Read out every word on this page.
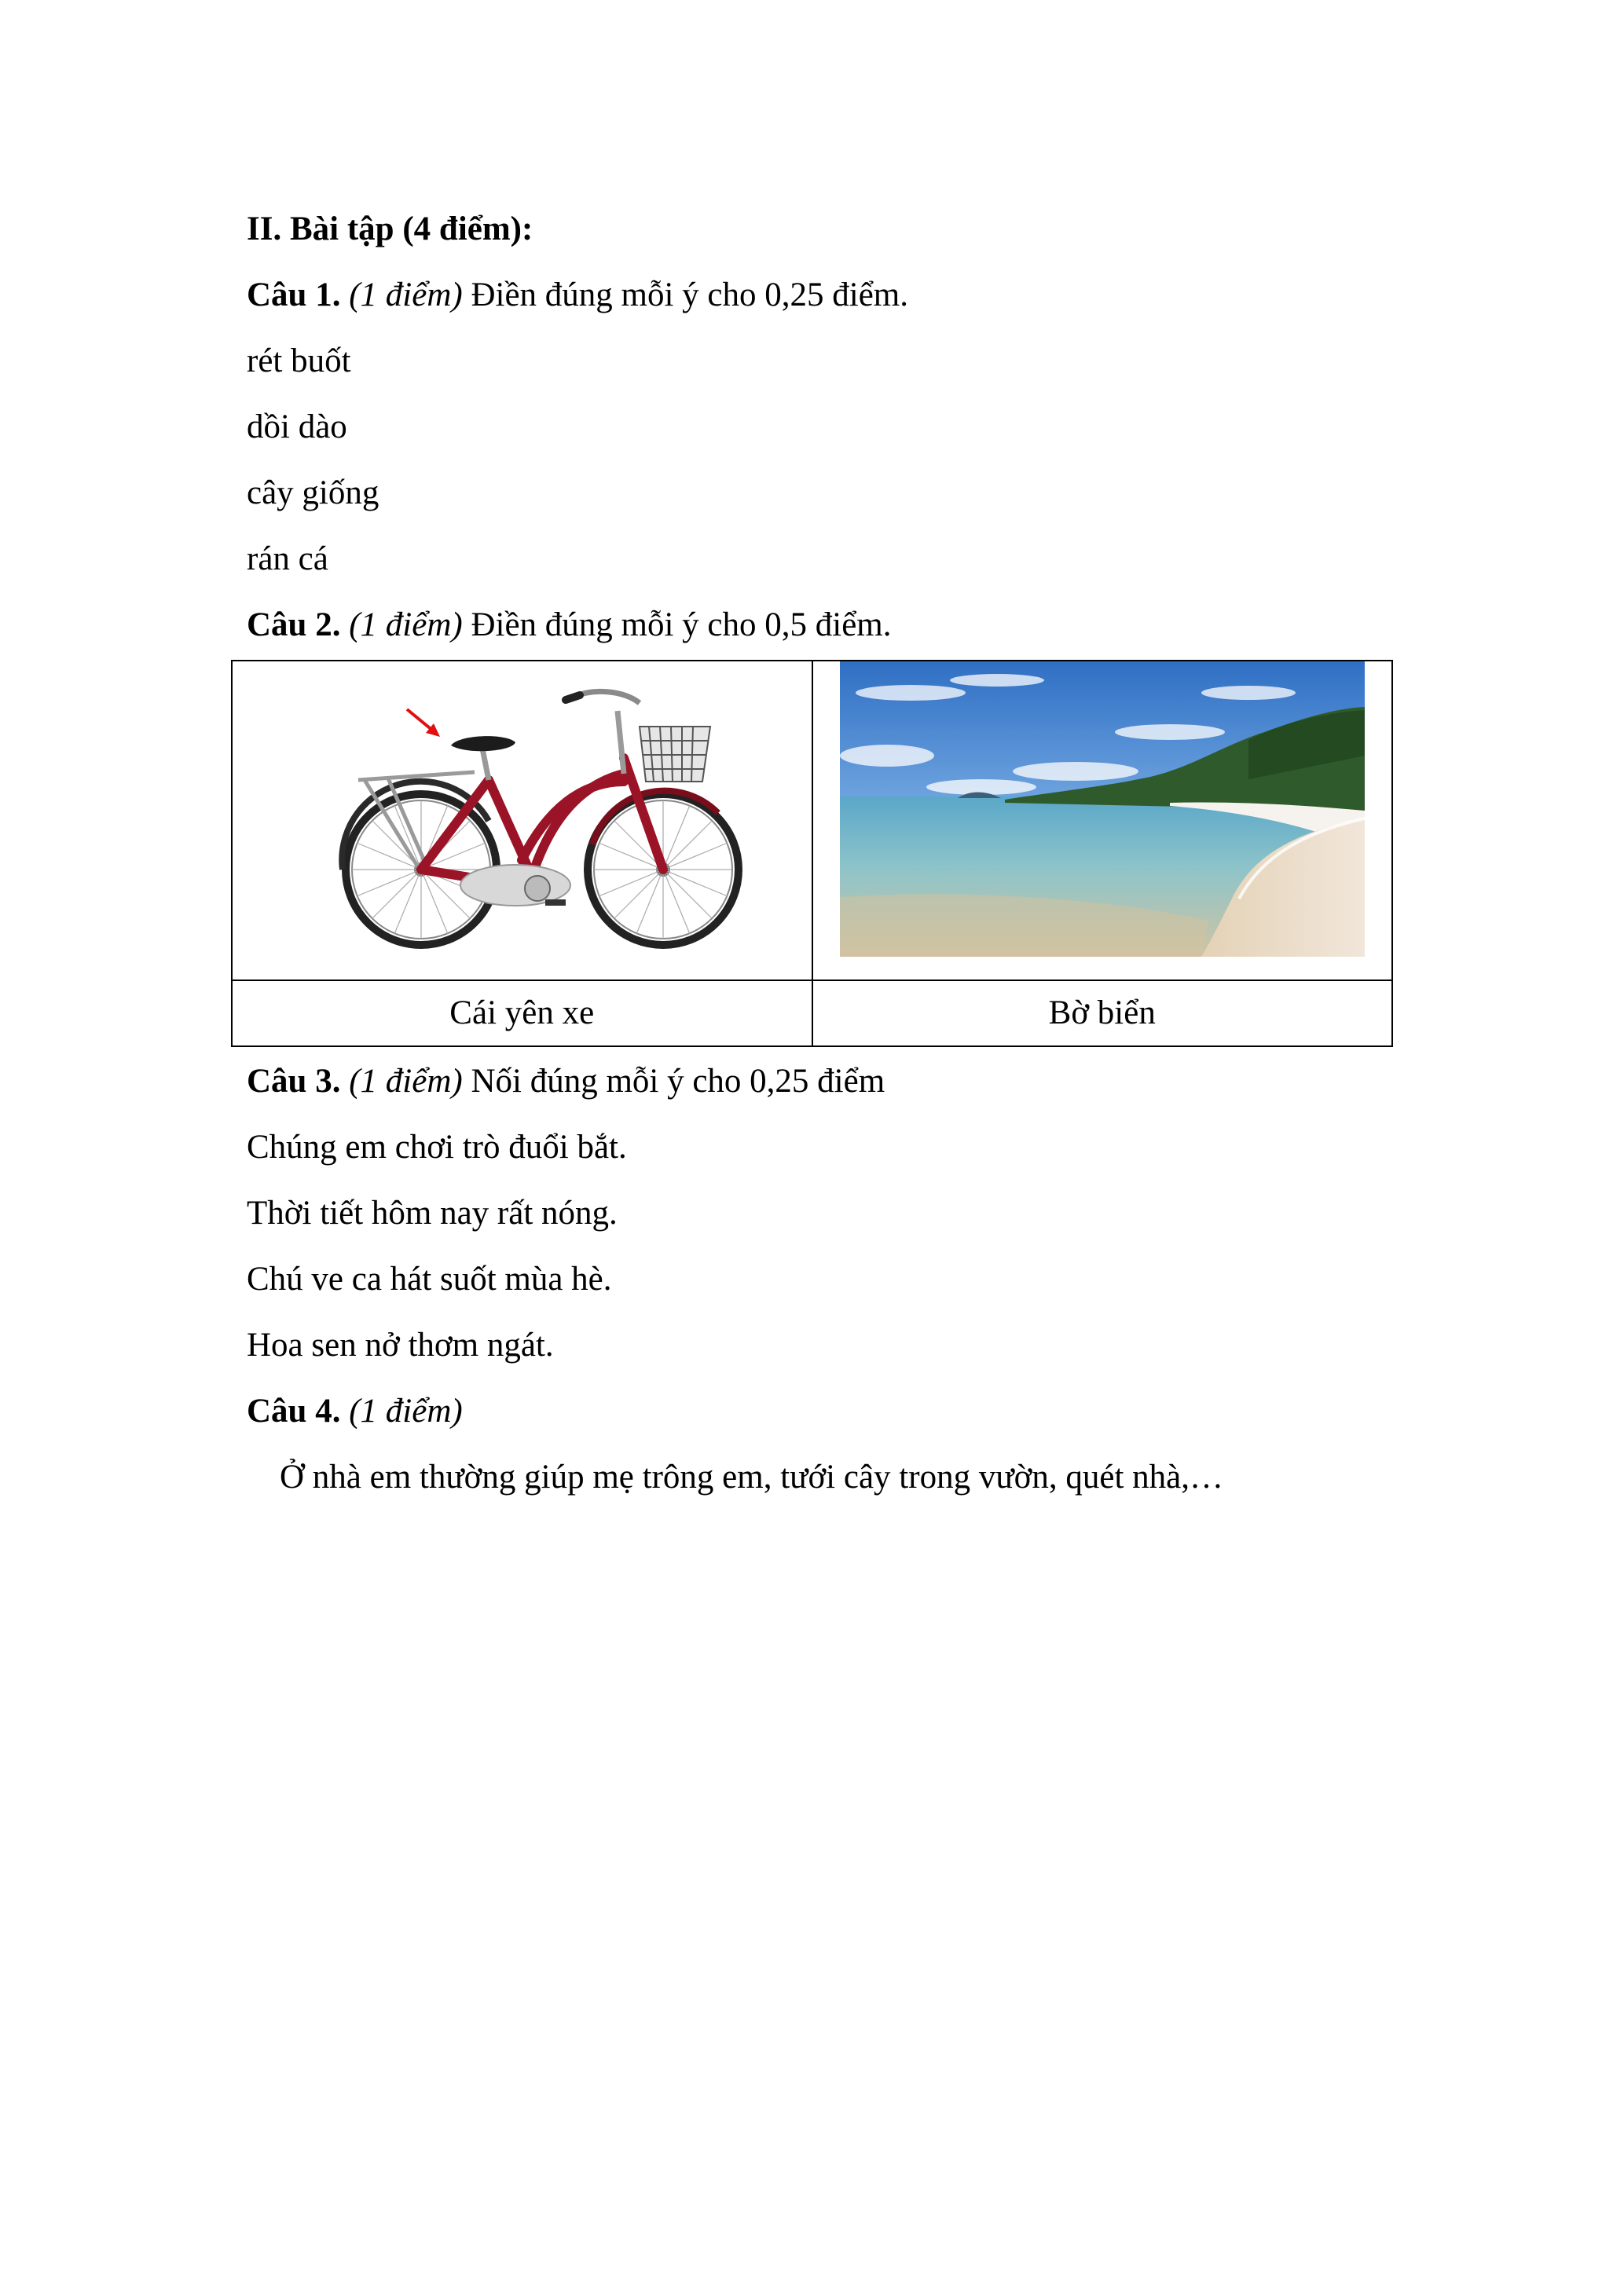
II. Bài tập (4 điểm):
Câu 1. (1 điểm) Điền đúng mỗi ý cho 0,25 điểm.
rét buốt
dồi dào
cây giống
rán cá
Câu 2. (1 điểm) Điền đúng mỗi ý cho 0,5 điểm.

Cái yên xe	Bờ biển
Câu 3. (1 điểm) Nối đúng mỗi ý cho 0,25 điểm
Chúng em chơi trò đuổi bắt.
Thời tiết hôm nay rất nóng.
Chú ve ca hát suốt mùa hè.
Hoa sen nở thơm ngát.
Câu 4. (1 điểm)
Ở nhà em thường giúp mẹ trông em, tưới cây trong vườn, quét nhà,…
